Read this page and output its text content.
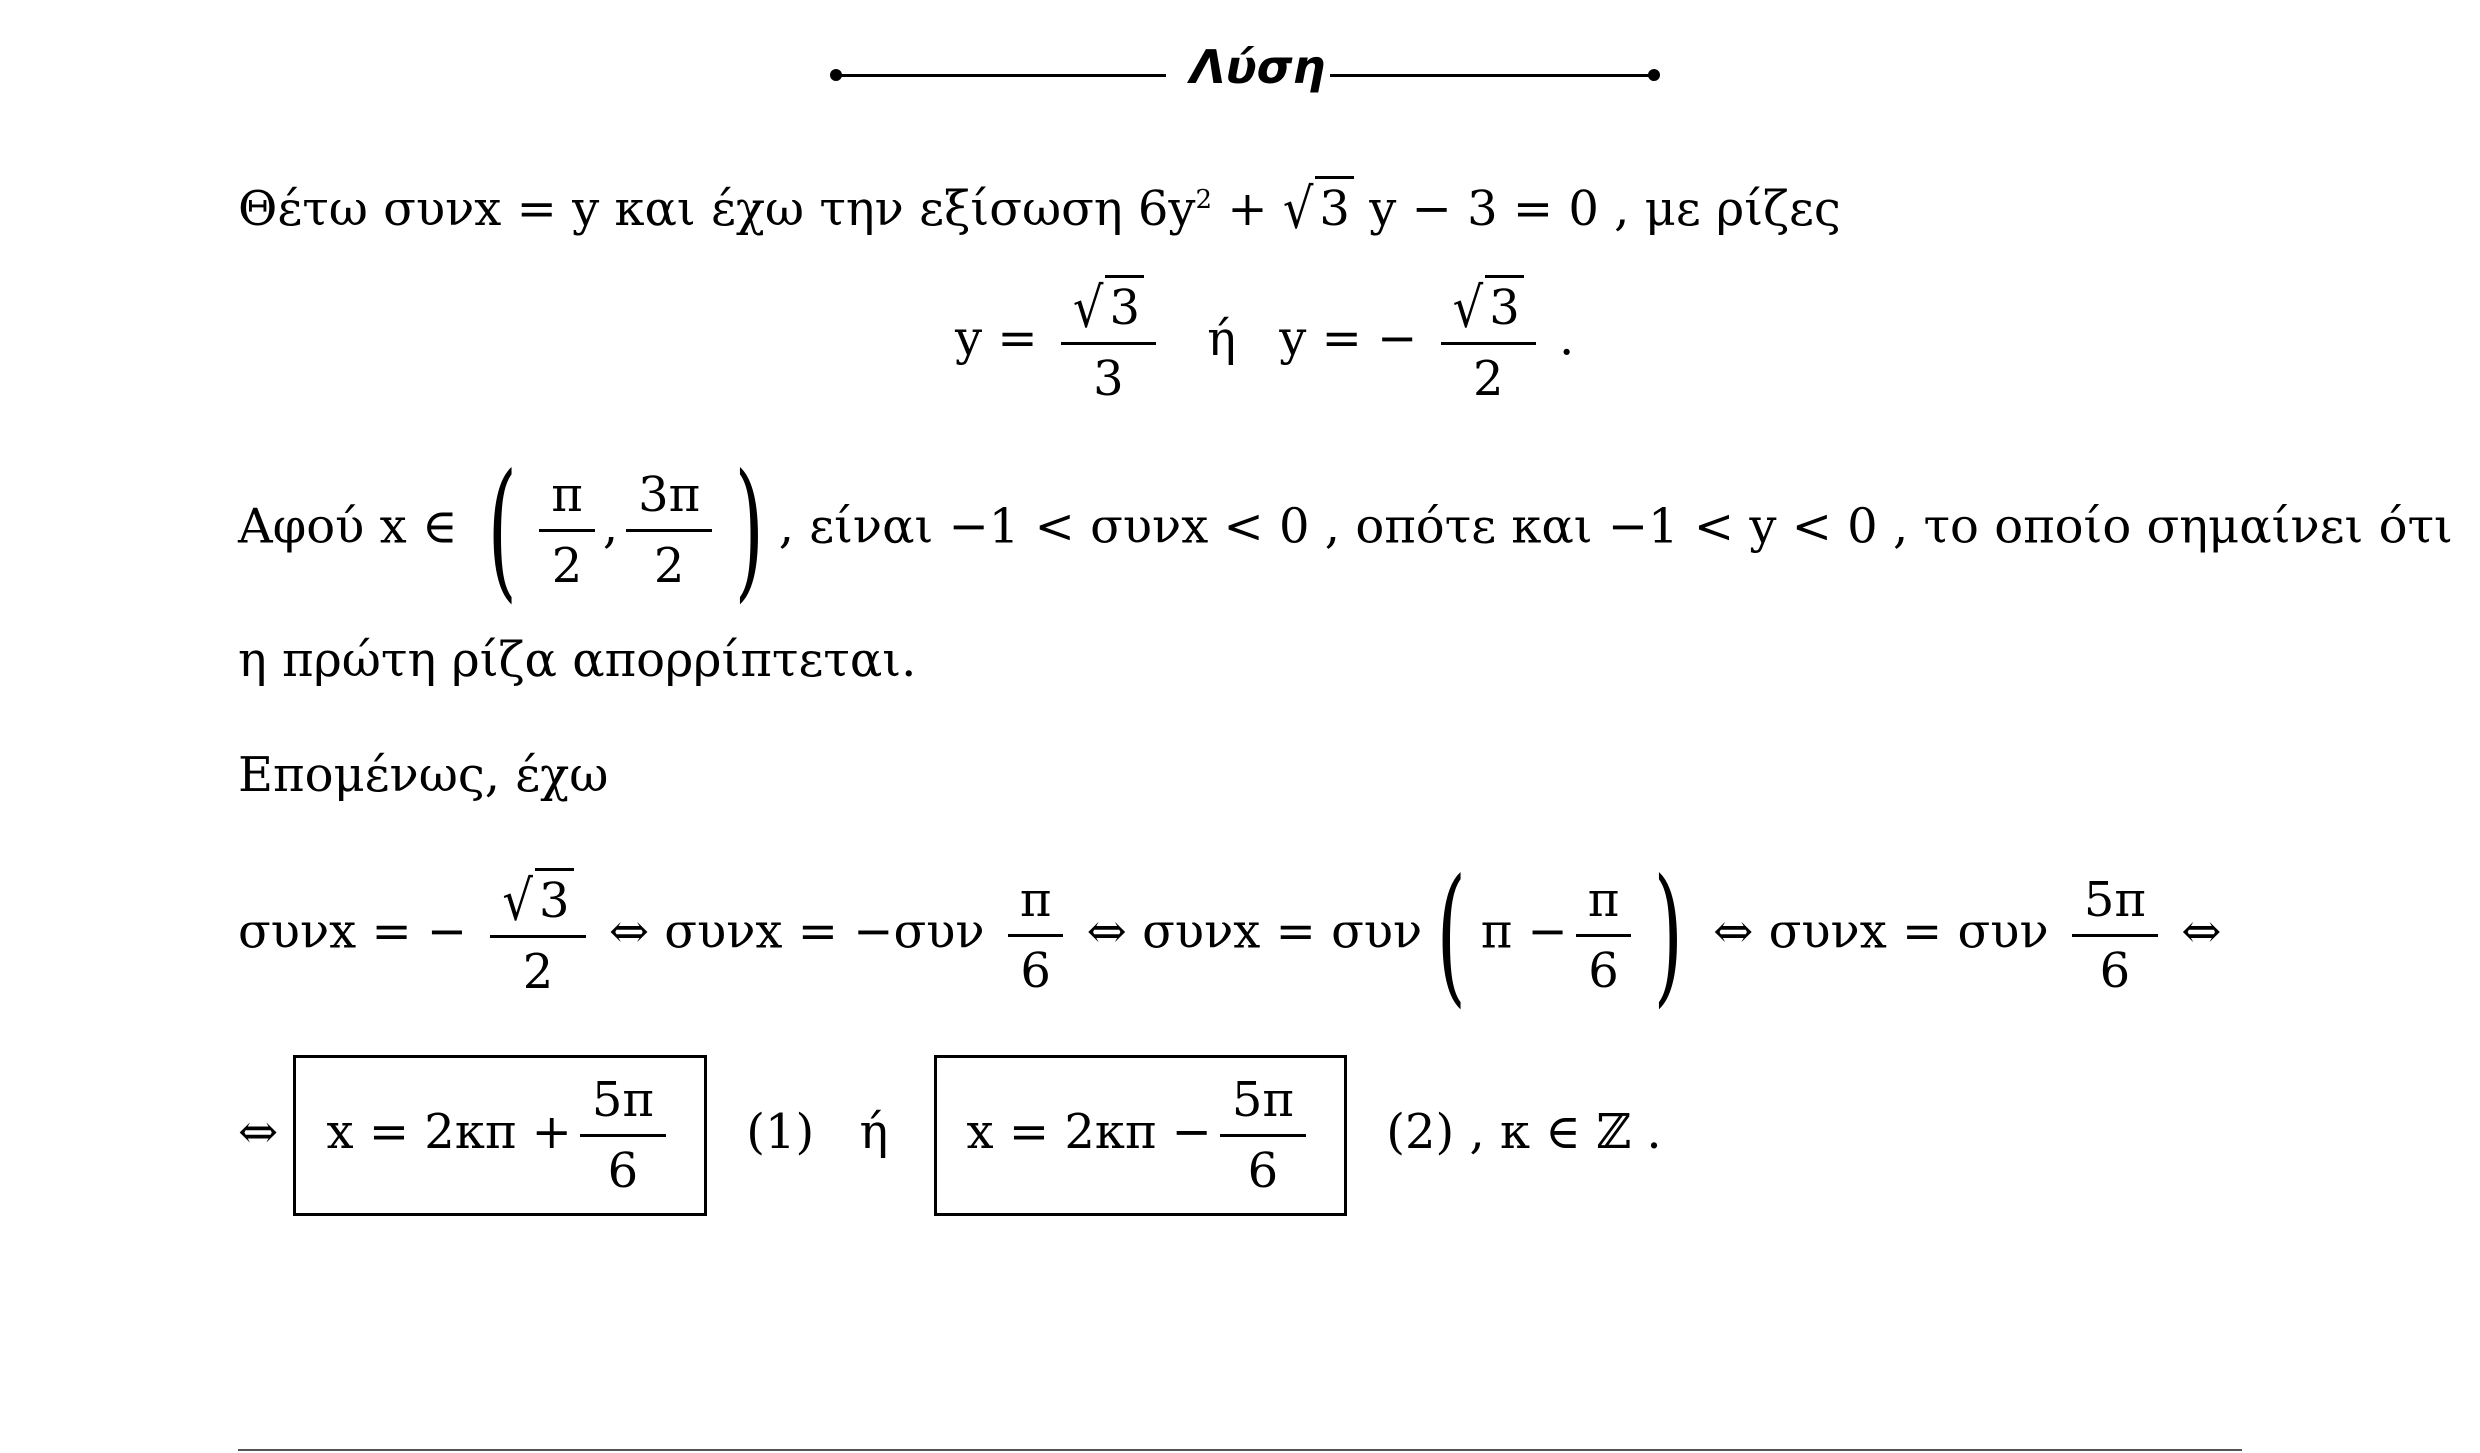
Λύση
Θέτω συνx = y και έχω την εξίσωση $6y^2$ + √ 3 y − 3 = 0 , με ρίζες
$y = \frac{√ 3}{3}$ ή y = − $\frac{√ 3}{2}$ .
Αφού x ∈ ( $\frac{\pi}{2}$ , $\frac{3\pi}{2}$ ) , είναι −1 < συνx < 0 , οπότε και −1 < y < 0 , το οποίο σημαίνει ότι
η πρώτη ρίζα απορρίπτεται.
Επομένως, έχω
συνx = − $\frac{√ 3}{2}$ ⇔ $\sigma\upsilon\nu x = -\sigma\upsilon\nu \frac{\pi}{6}$ ⇔ συνx = συν( $\pi - \frac{\pi}{6}$ ) ⇔ συνx = συν $\frac{5\pi}{6}$ ⇔
⇔ $x = 2\kappa\pi + \frac{5\pi}{6} (1)$ ή $x = 2\kappa\pi - \frac{5\pi}{6} (2)$ , κ ∈ ℤ .
